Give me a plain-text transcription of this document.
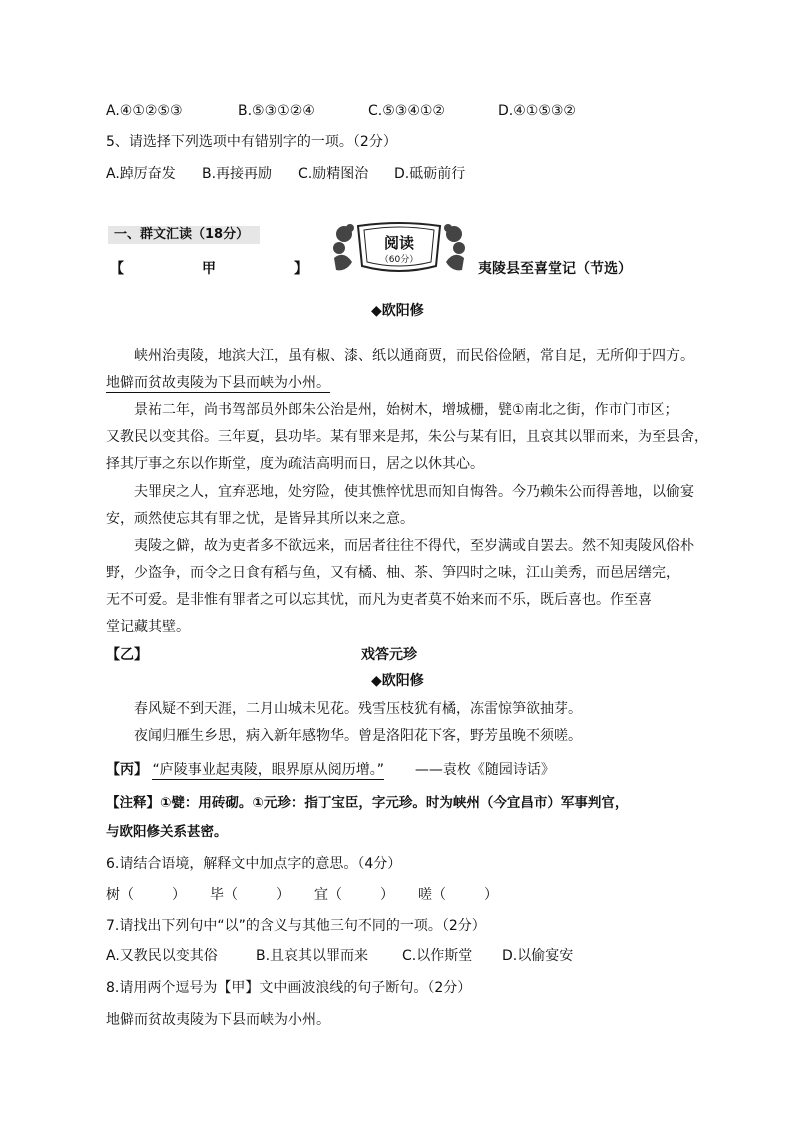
A.④①②⑤③	B.⑤③①②④	C.⑤③④①②	D.④①⑤③②
5、请选择下列选项中有错别字的一项。（2分）
A.踔厉奋发 B.再接再励 C.励精图治 D.砥砺前行
一、群文汇读（18分）	阅读
（60分）
【	甲	】	夷陵县至喜堂记（节选）
◆欧阳修
峡州治夷陵，地滨大江，虽有椒、漆、纸以通商贾，而民俗俭陋，常自足，无所仰于四方。
地僻而贫故夷陵为下县而峡为小州。
景祐二年，尚书驾部员外郎朱公治是州，始树木，增城栅，甓①南北之街，作市门市区；
又教民以变其俗。三年夏，县功毕。某有罪来是邦，朱公与某有旧，且哀其以罪而来，为至县舍，
择其厅事之东以作斯堂，度为疏洁高明而日，居之以休其心。
夫罪戾之人，宜弃恶地，处穷险，使其憔悴忧思而知自悔咎。今乃赖朱公而得善地，以偷宴
安，顽然使忘其有罪之忧，是皆异其所以来之意。
夷陵之僻，故为吏者多不欲远来，而居者往往不得代，至岁满或自罢去。然不知夷陵风俗朴
野，少盗争，而令之日食有稻与鱼，又有橘、柚、茶、笋四时之味，江山美秀，而邑居缮完，
无不可爱。是非惟有罪者之可以忘其忧，而凡为吏者莫不始来而不乐，既后喜也。作至喜
堂记藏其壁。
【乙】	戏答元珍
◆欧阳修
春风疑不到天涯，二月山城未见花。残雪压枝犹有橘，冻雷惊笋欲抽芽。
夜闻归雁生乡思，病入新年感物华。曾是洛阳花下客，野芳虽晚不须嗟。
【丙】 “庐陵事业起夷陵，眼界原从阅历增。” ——袁枚《随园诗话》
【注释】①甓：用砖砌。①元珍：指丁宝臣，字元珍。时为峡州（今宜昌市）军事判官，
与欧阳修关系甚密。
6.请结合语境，解释文中加点字的意思。（4分）
树（	） 毕（	） 宜（	） 嗟（	）
7.请找出下列句中“以”的含义与其他三句不同的一项。（2分）
A.又教民以变其俗	B.且哀其以罪而来 C.以作斯堂 D.以偷宴安
8.请用两个逗号为【甲】文中画波浪线的句子断句。（2分）
地僻而贫故夷陵为下县而峡为小州。
